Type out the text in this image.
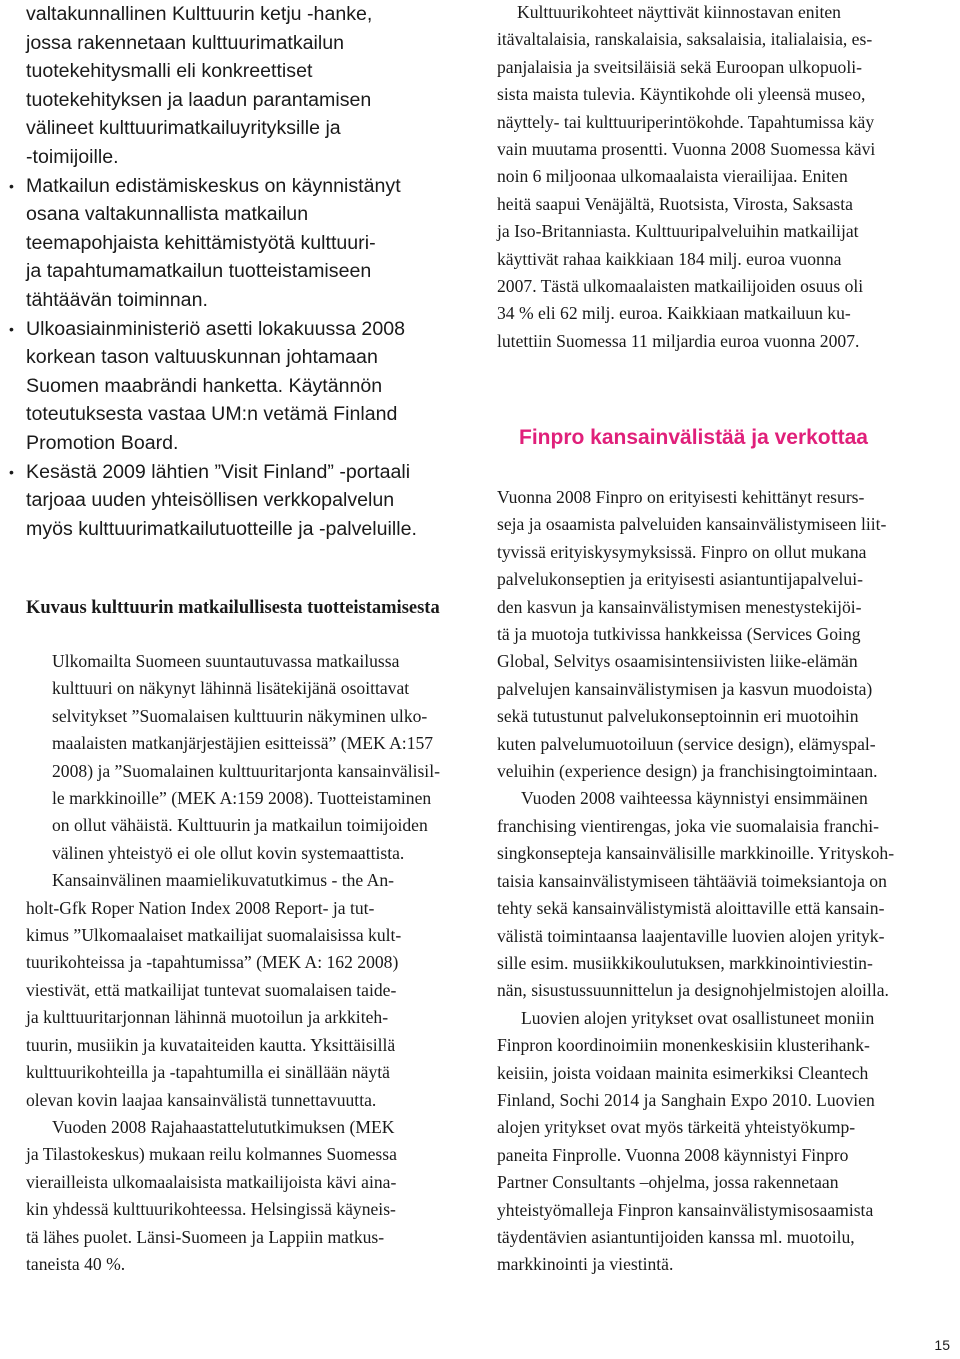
valtakunnallinen Kulttuurin ketju -hanke,

jossa rakennetaan kulttuurimatkailun

tuotekehitysmalli eli konkreettiset

tuotekehityksen ja laadun parantamisen

välineet kulttuurimatkailuyrityksille ja

-toimijoille.

• Matkailun edistämiskeskus on käynnistänyt

osana valtakunnallista matkailun

teemapohjaista kehittämistyötä kulttuuri-

ja tapahtumamatkailun tuotteistamiseen

tähtäävän toiminnan.

• Ulkoasiainministeriö asetti lokakuussa 2008

korkean tason valtuuskunnan johtamaan

Suomen maabrändi hanketta. Käytännön

toteutuksesta vastaa UM:n vetämä Finland

Promotion Board.

• Kesästä 2009 lähtien ”Visit Finland” -portaali

tarjoaa uuden yhteisöllisen verkkopalvelun

myös kulttuurimatkailutuotteille ja -palveluille.

Kuvaus kulttuurin matkailullisesta tuotteistamisesta
Ulkomailta Suomeen suuntautuvassa matkailussa
kulttuuri on näkynyt lähinnä lisätekijänä osoittavat
selvitykset ”Suomalaisen kulttuurin näkyminen ulko-
maalaisten matkanjärjestäjien esitteissä” (MEK A:157
2008) ja ”Suomalainen kulttuuritarjonta kansainvälisil-
le markkinoille” (MEK A:159 2008). Tuotteistaminen
on ollut vähäistä. Kulttuurin ja matkailun toimijoiden
välinen yhteistyö ei ole ollut kovin systemaattista.
Kansainvälinen maamielikuvatutkimus - the An-
holt-Gfk Roper Nation Index 2008 Report- ja tut-
kimus ”Ulkomaalaiset matkailijat suomalaisissa kult-
tuurikohteissa ja -tapahtumissa” (MEK A: 162 2008)
viestivät, että matkailijat tuntevat suomalaisen taide-
ja kulttuuritarjonnan lähinnä muotoilun ja arkkiteh-
tuurin, musiikin ja kuvataiteiden kautta. Yksittäisillä
kulttuurikohteilla ja -tapahtumilla ei sinällään näytä
olevan kovin laajaa kansainvälistä tunnettavuutta.
Vuoden 2008 Rajahaastattelututkimuksen (MEK
ja Tilastokeskus) mukaan reilu kolmannes Suomessa
vierailleista ulkomaalaisista matkailijoista kävi aina-
kin yhdessä kulttuurikohteessa. Helsingissä käyneis-
tä lähes puolet. Länsi-Suomeen ja Lappiin matkus-
taneista 40 %.
Kulttuurikohteet näyttivät kiinnostavan eniten
itävaltalaisia, ranskalaisia, saksalaisia, italialaisia, es-
panjalaisia ja sveitsiläisiä sekä Euroopan ulkopuoli-
sista maista tulevia. Käyntikohde oli yleensä museo,
näyttely- tai kulttuuriperintökohde. Tapahtumissa käy
vain muutama prosentti. Vuonna 2008 Suomessa kävi
noin 6 miljoonaa ulkomaalaista vierailijaa. Eniten
heitä saapui Venäjältä, Ruotsista, Virosta, Saksasta
ja Iso-Britanniasta. Kulttuuripalveluihin matkailijat
käyttivät rahaa kaikkiaan 184 milj. euroa vuonna
2007. Tästä ulkomaalaisten matkailijoiden osuus oli
34 % eli 62 milj. euroa. Kaikkiaan matkailuun ku-
lutettiin Suomessa 11 miljardia euroa vuonna 2007.
Finpro kansainvälistää ja verkottaa
Vuonna 2008 Finpro on erityisesti kehittänyt resurs-
seja ja osaamista palveluiden kansainvälistymiseen liit-
tyvissä erityiskysymyksissä. Finpro on ollut mukana
palvelukonseptien ja erityisesti asiantuntijapalvelui-
den kasvun ja kansainvälistymisen menestystekijöi-
tä ja muotoja tutkivissa hankkeissa (Services Going
Global, Selvitys osaamisintensiivisten liike-elämän
palvelujen kansainvälistymisen ja kasvun muodoista)
sekä tutustunut palvelukonseptoinnin eri muotoihin
kuten palvelumuotoiluun (service design), elämyspal-
veluihin (experience design) ja franchisingtoimintaan.
Vuoden 2008 vaihteessa käynnistyi ensimmäinen
franchising vientirengas, joka vie suomalaisia franchi-
singkonsepteja kansainvälisille markkinoille. Yrityskoh-
taisia kansainvälistymiseen tähtääviä toimeksiantoja on
tehty sekä kansainvälistymistä aloittaville että kansain-
välistä toimintaansa laajentaville luovien alojen yrityk-
sille esim. musiikkikoulutuksen, markkinointiviestin-
nän, sisustussuunnittelun ja designohjelmistojen aloilla.
Luovien alojen yritykset ovat osallistuneet moniin
Finpron koordinoimiin monenkeskisiin klusterihank-
keisiin, joista voidaan mainita esimerkiksi Cleantech
Finland, Sochi 2014 ja Sanghain Expo 2010. Luovien
alojen yritykset ovat myös tärkeitä yhteistyökump-
paneita Finprolle. Vuonna 2008 käynnistyi Finpro
Partner Consultants –ohjelma, jossa rakennetaan
yhteistyömalleja Finpron kansainvälistymisosaamista
täydentävien asiantuntijoiden kanssa ml. muotoilu,
markkinointi ja viestintä.
15
